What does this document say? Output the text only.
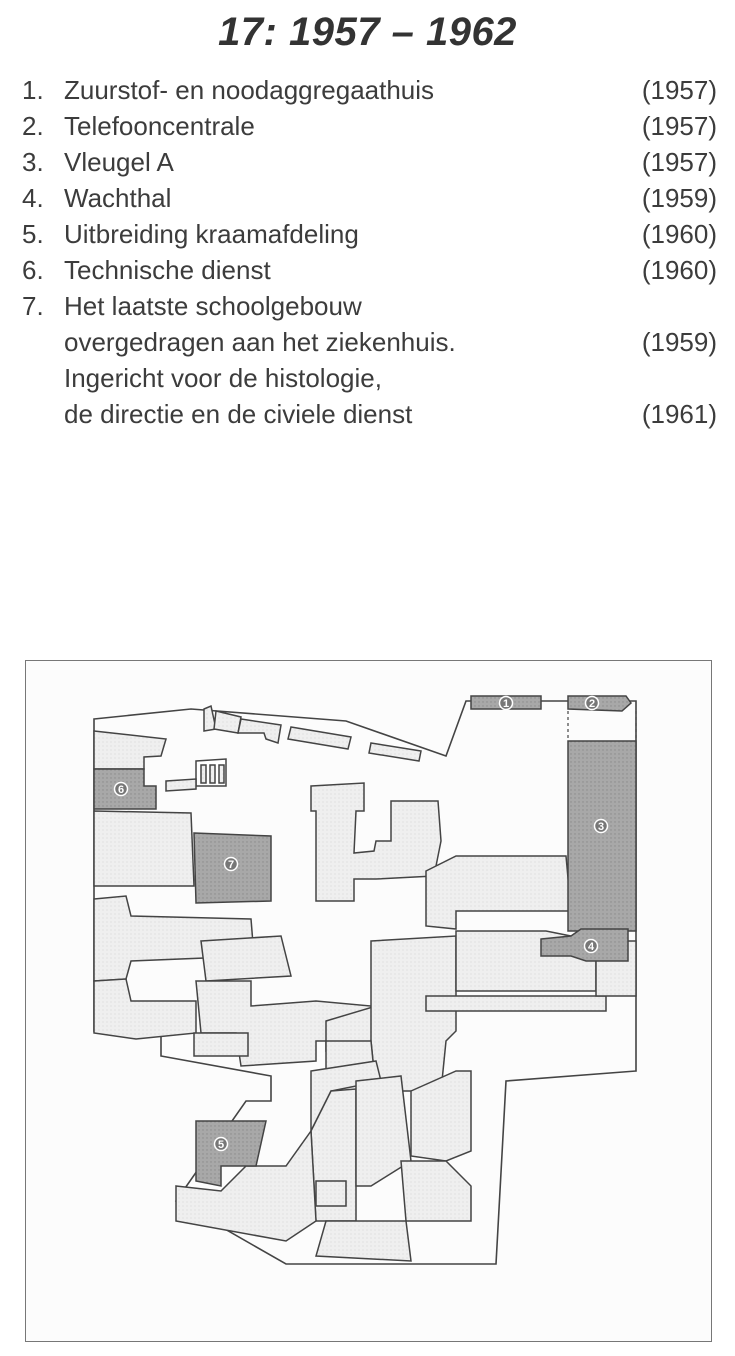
17: 1957 – 1962
1. Zuurstof- en noodaggregaathuis	(1957)
2. Telefooncentrale	(1957)
3. Vleugel A	(1957)
4. Wachthal	(1959)
5. Uitbreiding kraamafdeling	(1960)
6. Technische dienst	(1960)
7. Het laatste schoolgebouw
overgedragen aan het ziekenhuis.	(1959)
Ingericht voor de histologie,
de directie en de civiele dienst	(1961)
1	2
3
4
5
6
7
